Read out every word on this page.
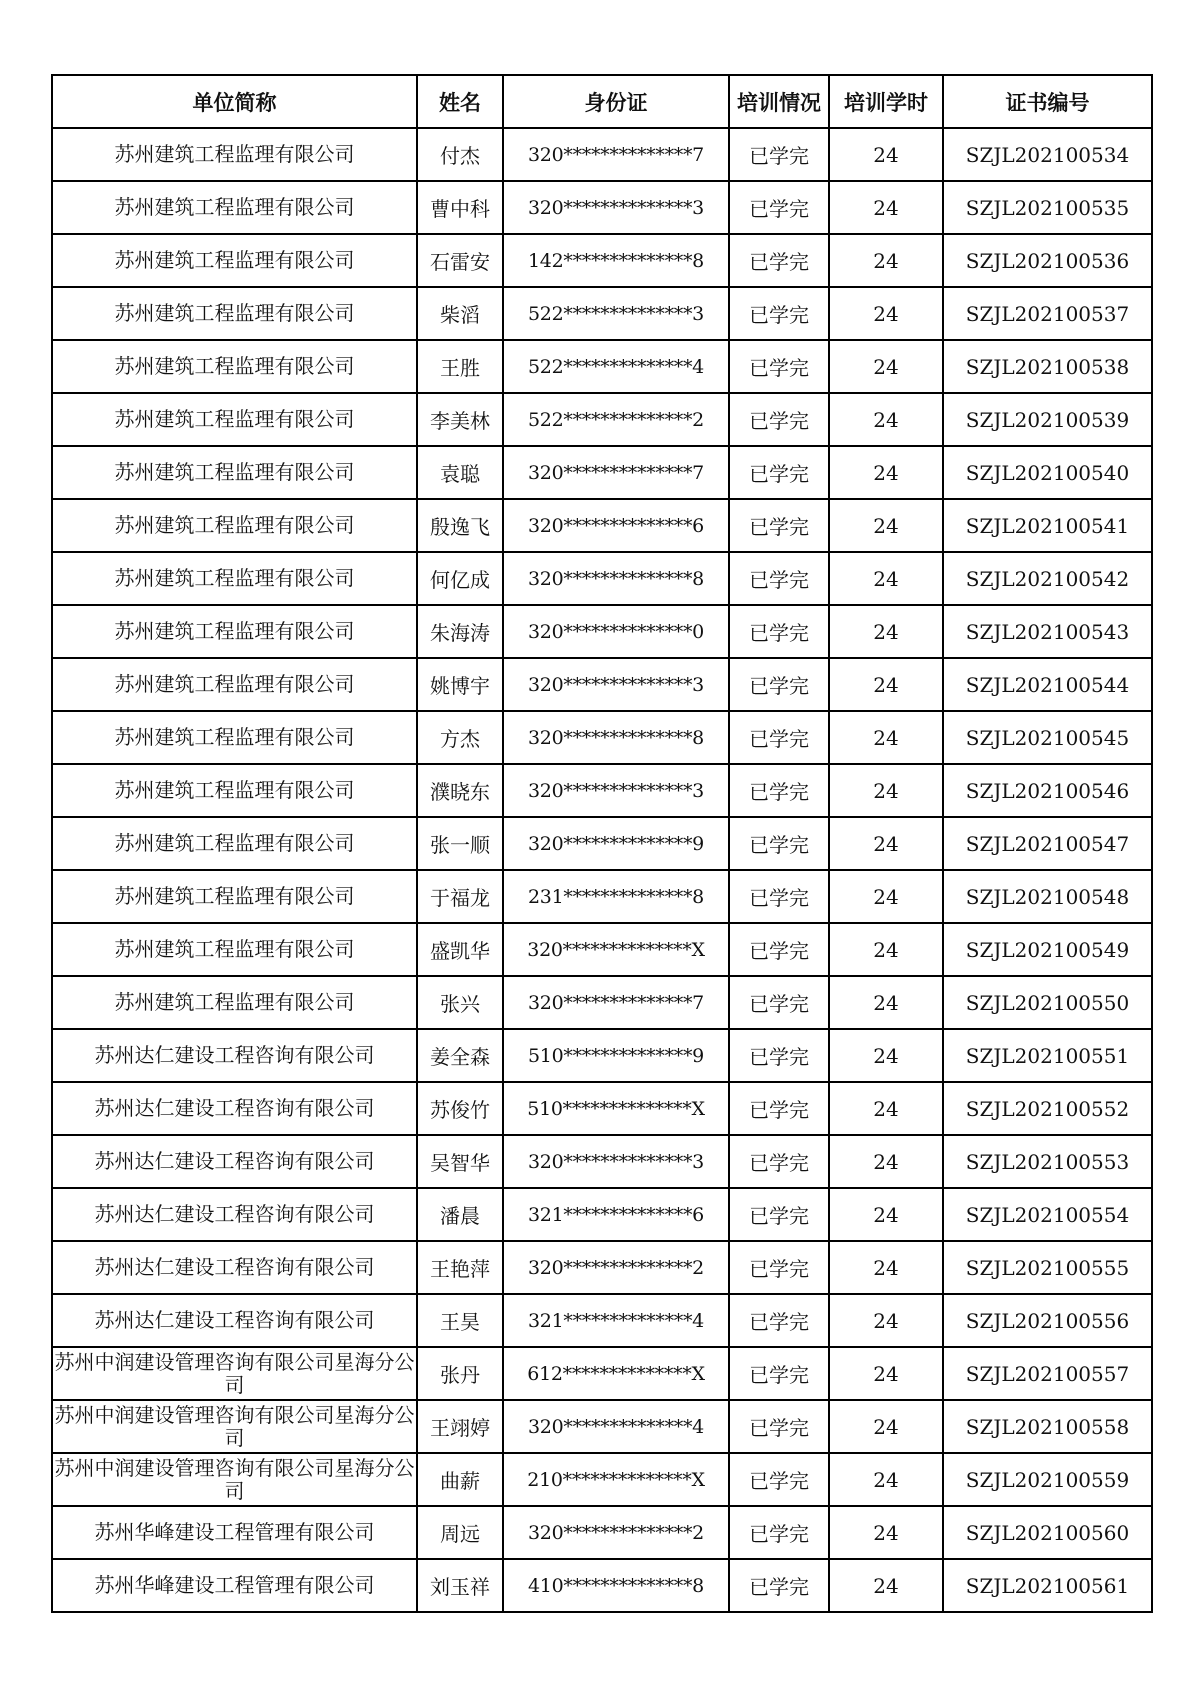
单位简称	姓名	身份证	培训情况	培训学时	证书编号
苏州建筑工程监理有限公司	付杰	320**************7	已学完	24	SZJL202100534
苏州建筑工程监理有限公司	曹中科	320**************3	已学完	24	SZJL202100535
苏州建筑工程监理有限公司	石雷安	142**************8	已学完	24	SZJL202100536
苏州建筑工程监理有限公司	柴滔	522**************3	已学完	24	SZJL202100537
苏州建筑工程监理有限公司	王胜	522**************4	已学完	24	SZJL202100538
苏州建筑工程监理有限公司	李美林	522**************2	已学完	24	SZJL202100539
苏州建筑工程监理有限公司	袁聪	320**************7	已学完	24	SZJL202100540
苏州建筑工程监理有限公司	殷逸飞	320**************6	已学完	24	SZJL202100541
苏州建筑工程监理有限公司	何亿成	320**************8	已学完	24	SZJL202100542
苏州建筑工程监理有限公司	朱海涛	320**************0	已学完	24	SZJL202100543
苏州建筑工程监理有限公司	姚博宇	320**************3	已学完	24	SZJL202100544
苏州建筑工程监理有限公司	方杰	320**************8	已学完	24	SZJL202100545
苏州建筑工程监理有限公司	濮晓东	320**************3	已学完	24	SZJL202100546
苏州建筑工程监理有限公司	张一顺	320**************9	已学完	24	SZJL202100547
苏州建筑工程监理有限公司	于福龙	231**************8	已学完	24	SZJL202100548
苏州建筑工程监理有限公司	盛凯华	320**************X	已学完	24	SZJL202100549
苏州建筑工程监理有限公司	张兴	320**************7	已学完	24	SZJL202100550
苏州达仁建设工程咨询有限公司	姜全森	510**************9	已学完	24	SZJL202100551
苏州达仁建设工程咨询有限公司	苏俊竹	510**************X	已学完	24	SZJL202100552
苏州达仁建设工程咨询有限公司	吴智华	320**************3	已学完	24	SZJL202100553
苏州达仁建设工程咨询有限公司	潘晨	321**************6	已学完	24	SZJL202100554
苏州达仁建设工程咨询有限公司	王艳萍	320**************2	已学完	24	SZJL202100555
苏州达仁建设工程咨询有限公司	王昊	321**************4	已学完	24	SZJL202100556
苏州中润建设管理咨询有限公司星海分公司	张丹	612**************X	已学完	24	SZJL202100557
苏州中润建设管理咨询有限公司星海分公司	王翊婷	320**************4	已学完	24	SZJL202100558
苏州中润建设管理咨询有限公司星海分公司	曲薪	210**************X	已学完	24	SZJL202100559
苏州华峰建设工程管理有限公司	周远	320**************2	已学完	24	SZJL202100560
苏州华峰建设工程管理有限公司	刘玉祥	410**************8	已学完	24	SZJL202100561
